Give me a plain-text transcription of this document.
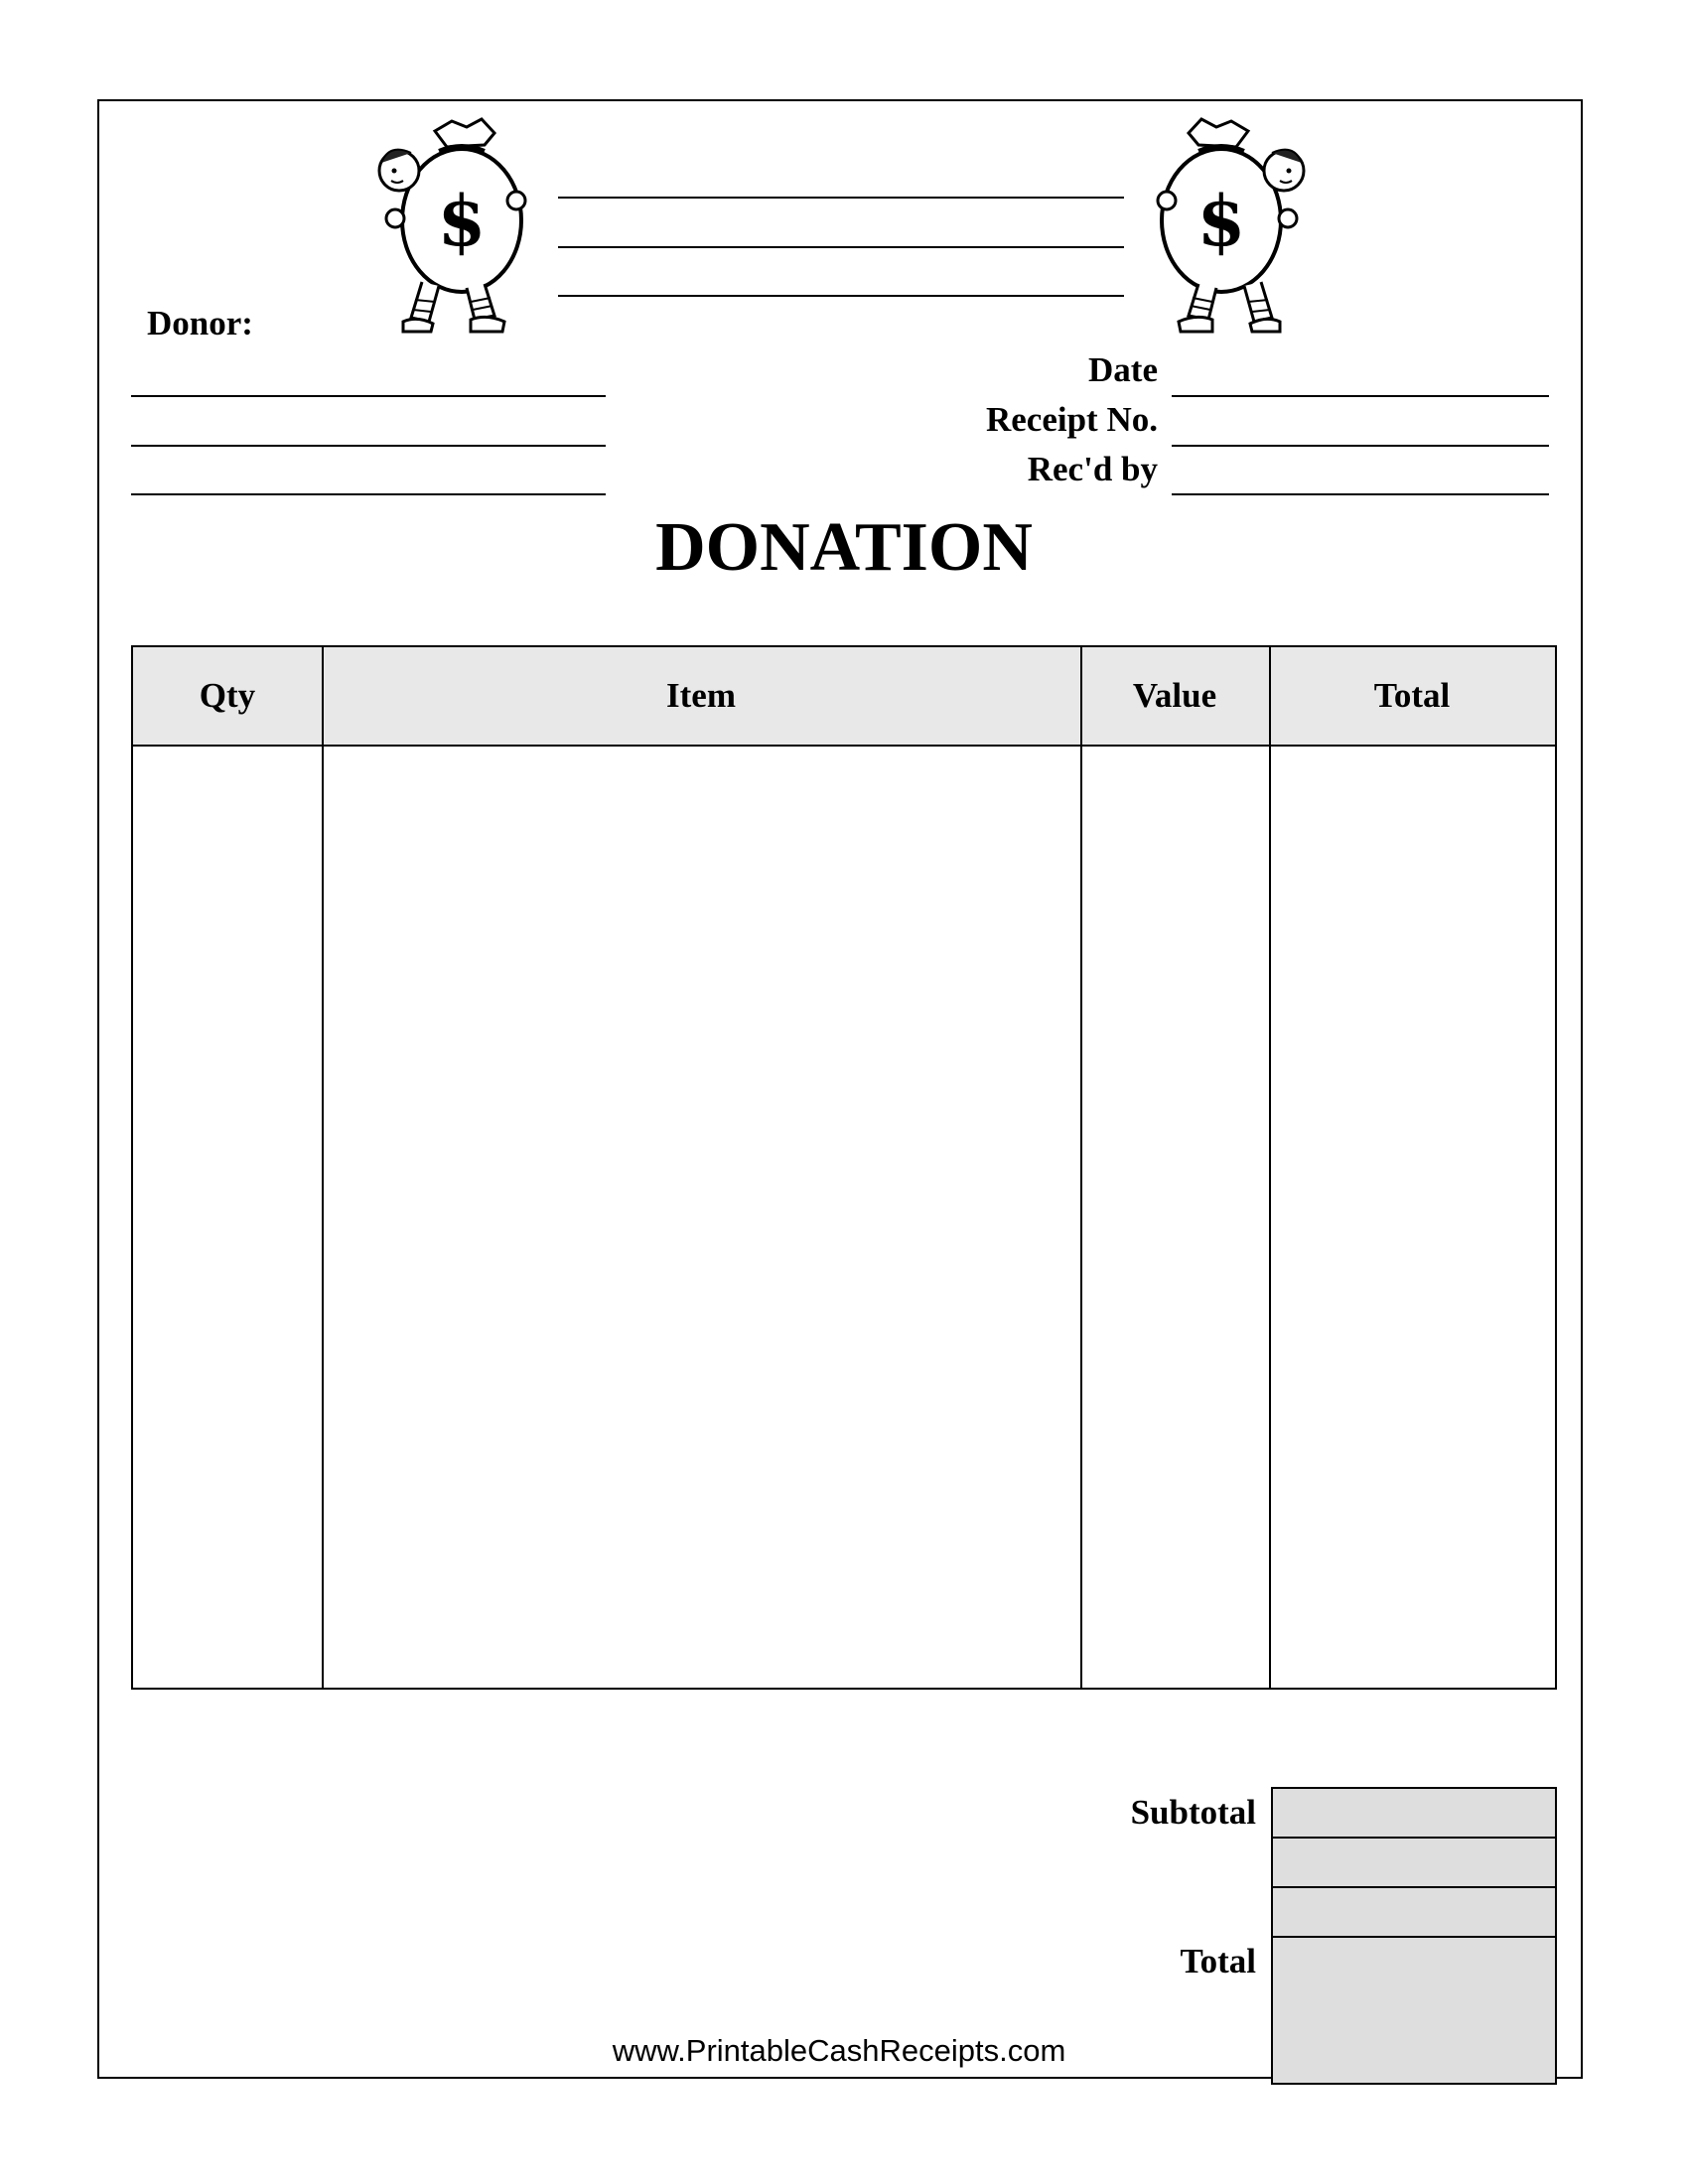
$	$
Donor:
Date
Receipt No.
Rec'd by
DONATION
Qty	Item	Value	Total
Subtotal
Total
www.PrintableCashReceipts.com
